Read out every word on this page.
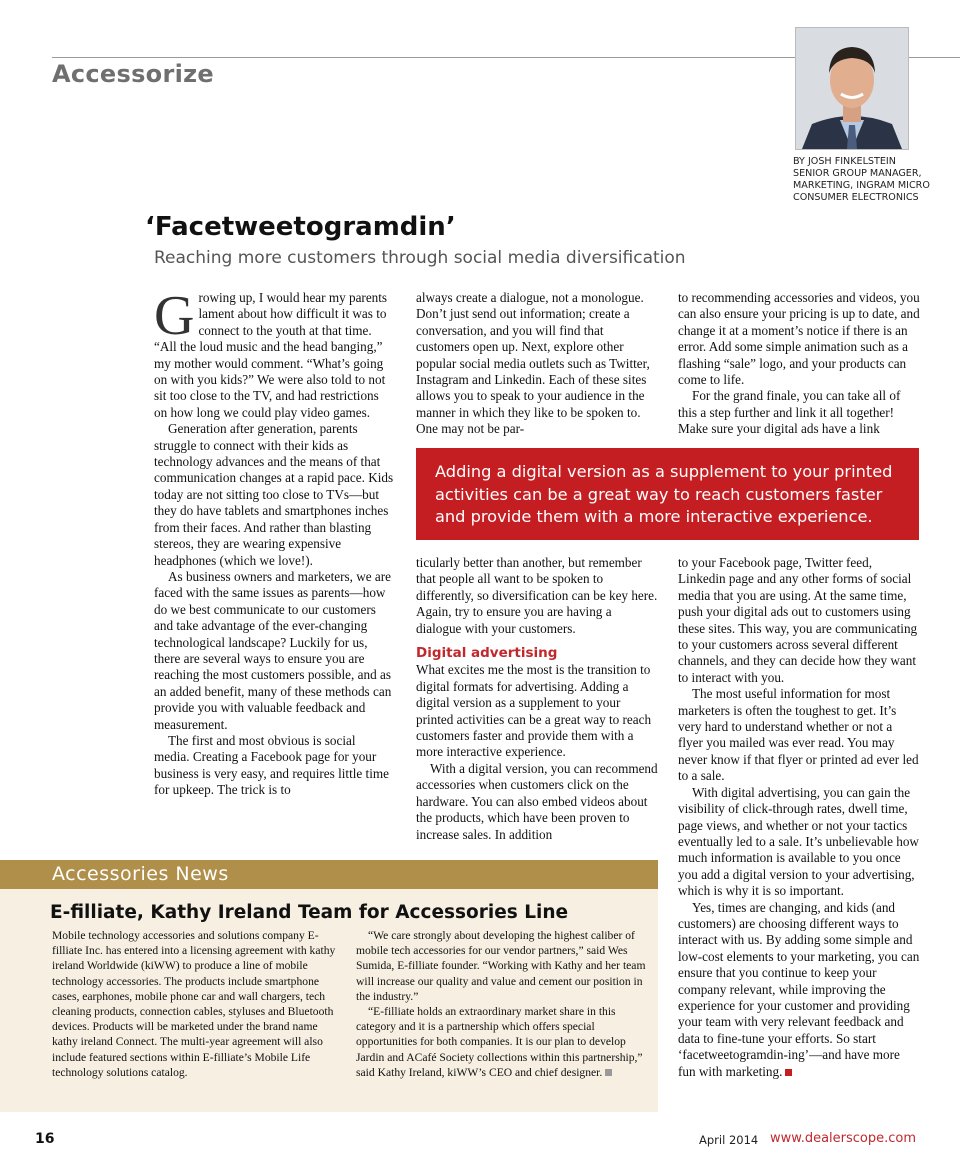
Accessorize
BY JOSH FINKELSTEIN
SENIOR GROUP MANAGER,
MARKETING, INGRAM MICRO
CONSUMER ELECTRONICS
‘Facetweetogramdin’
Reaching more customers through social media diversification

Growing up, I would hear my parents lament about how difficult it was to connect to the youth at that time. “All the loud music and the head banging,” my mother would comment. “What’s going on with you kids?” We were also told to not sit too close to the TV, and had restrictions on how long we could play video games.

Generation after generation, parents struggle to connect with their kids as technology advances and the means of that communication changes at a rapid pace. Kids today are not sitting too close to TVs—but they do have tablets and smartphones inches from their faces. And rather than blasting stereos, they are wearing expensive headphones (which we love!).

As business owners and marketers, we are faced with the same issues as parents—how do we best communicate to our customers and take advantage of the ever-changing technological landscape? Luckily for us, there are several ways to ensure you are reaching the most customers possible, and as an added benefit, many of these methods can provide you with valuable feedback and measurement.

The first and most obvious is social media. Creating a Facebook page for your business is very easy, and requires little time for upkeep. The trick is to

always create a dialogue, not a monologue. Don’t just send out information; create a conversation, and you will find that customers open up. Next, explore other popular social media outlets such as Twitter, Instagram and Linkedin. Each of these sites allows you to speak to your audience in the manner in which they like to be spoken to. One may not be par-

to recommending accessories and videos, you can also ensure your pricing is up to date, and change it at a moment’s notice if there is an error. Add some simple animation such as a flashing “sale” logo, and your products can come to life.

For the grand finale, you can take all of this a step further and link it all together! Make sure your digital ads have a link

Adding a digital version as a supplement to your printed activities can be a great way to reach customers faster and provide them with a more interactive experience.

ticularly better than another, but remember that people all want to be spoken to differently, so diversification can be key here. Again, try to ensure you are having a dialogue with your customers.

Digital advertising

What excites me the most is the transition to digital formats for advertising. Adding a digital version as a supplement to your printed activities can be a great way to reach customers faster and provide them with a more interactive experience.

With a digital version, you can recommend accessories when customers click on the hardware. You can also embed videos about the products, which have been proven to increase sales. In addition

to your Facebook page, Twitter feed, Linkedin page and any other forms of social media that you are using. At the same time, push your digital ads out to customers using these sites. This way, you are communicating to your customers across several different channels, and they can decide how they want to interact with you.

The most useful information for most marketers is often the toughest to get. It’s very hard to understand whether or not a flyer you mailed was ever read. You may never know if that flyer or printed ad ever led to a sale.

With digital advertising, you can gain the visibility of click-through rates, dwell time, page views, and whether or not your tactics eventually led to a sale. It’s unbelievable how much information is available to you once you add a digital version to your advertising, which is why it is so important.

Yes, times are changing, and kids (and customers) are choosing different ways to interact with us. By adding some simple and low-cost elements to your marketing, you can ensure that you continue to keep your company relevant, while improving the experience for your customer and providing your team with very relevant feedback and data to fine-tune your efforts. So start ‘facetweetogramdin-ing’—and have more fun with marketing.

Accessories News
E-filliate, Kathy Ireland Team for Accessories Line

Mobile technology accessories and solutions company E-filliate Inc. has entered into a licensing agreement with kathy ireland Worldwide (kiWW) to produce a line of mobile technology accessories. The products include smartphone cases, earphones, mobile phone car and wall chargers, tech cleaning products, connection cables, styluses and Bluetooth devices. Products will be marketed under the brand name kathy ireland Connect. The multi-year agreement will also include featured sections within E-filliate’s Mobile Life technology solutions catalog.

“We care strongly about developing the highest caliber of mobile tech accessories for our vendor partners,” said Wes Sumida, E-filliate founder. “Working with Kathy and her team will increase our quality and value and cement our position in the industry.”

“E-filliate holds an extraordinary market share in this category and it is a partnership which offers special opportunities for both companies. It is our plan to develop Jardin and ACafé Society collections within this partnership,” said Kathy Ireland, kiWW’s CEO and chief designer.

16	April 2014 www.dealerscope.com
